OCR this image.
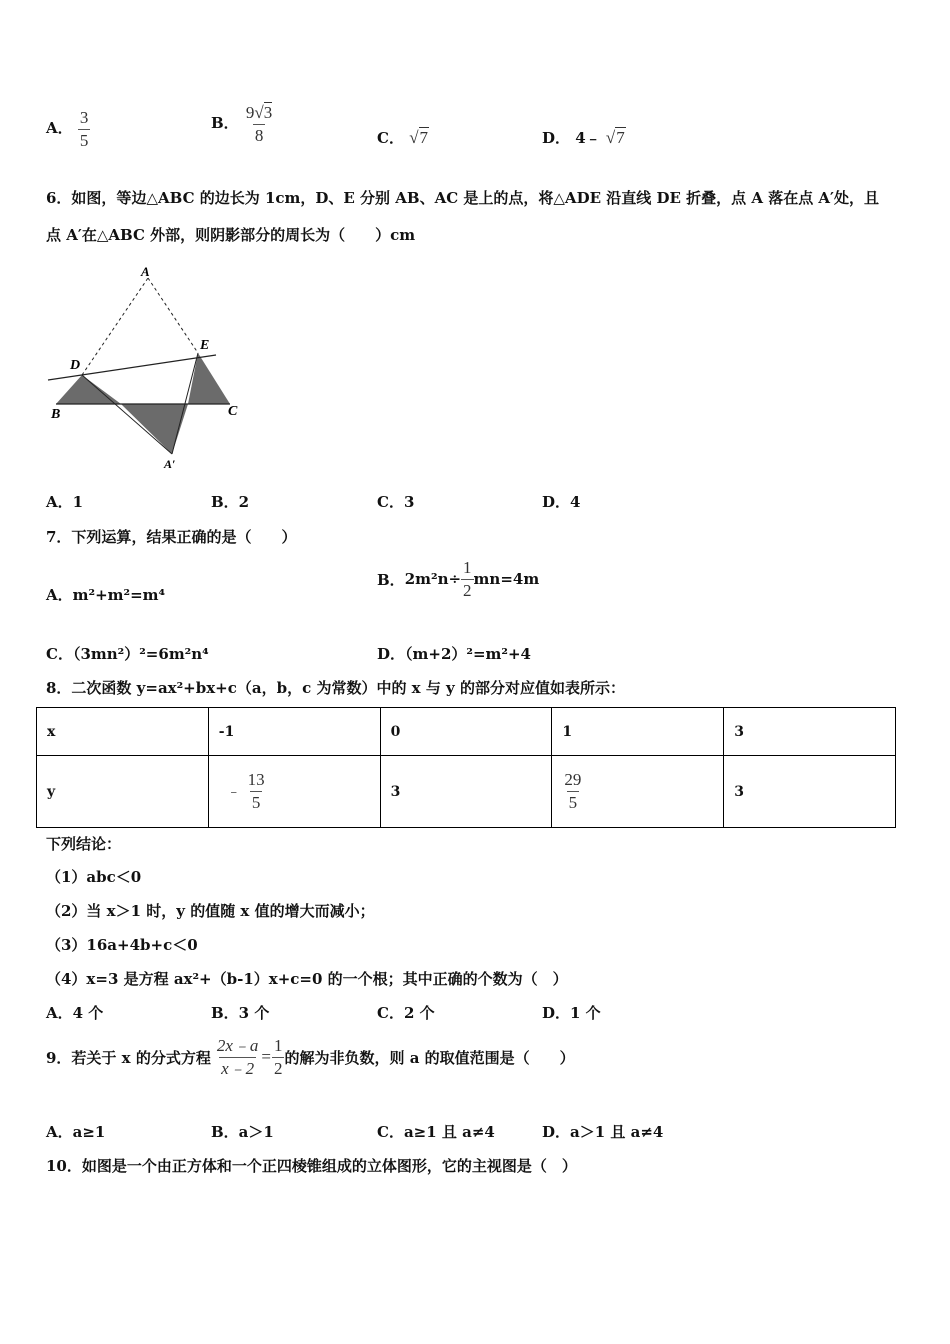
A． $\frac{3}{5}$	B． $\frac{9√3}{8}$	C． √7	D． 4﹣ √7
6．如图，等边△ABC 的边长为 1cm，D、E 分别 AB、AC 是上的点，将△ADE 沿直线 DE 折叠，点 A 落在点 A′处，且
点 A′在△ABC 外部，则阴影部分的周长为（　　）cm
A
D
E
B	C
A′
A．1	B．2	C．3	D．4
7．下列运算，结果正确的是（　　）
A．m²+m²=m⁴
B． $2m^2n\div \frac{1}{2} mn=4m$
C．（3mn²）²=6m²n⁴	D．（m+2）²=m²+4
8．二次函数 y=ax²+bx+c（a，b，c 为常数）中的 x 与 y 的部分对应值如表所示：
x	-1	0	1	3
y	﹣ $\frac{13}{5}$	3	$\frac{29}{5}$	3
下列结论：
（1）abc＜0
（2）当 x＞1 时，y 的值随 x 值的增大而减小；
（3）16a+4b+c＜0
（4）x=3 是方程 ax²+（b-1）x+c=0 的一个根；其中正确的个数为（　）
A．4 个	B．3 个	C．2 个	D．1 个
9．若关于 x 的分式方程 $\frac{2x﹣a}{x﹣2} = \frac{1}{2}$ 的解为非负数，则 a 的取值范围是（　　）
A．a≥1	B．a＞1	C．a≥1 且 a≠4	D．a＞1 且 a≠4
10．如图是一个由正方体和一个正四棱锥组成的立体图形，它的主视图是（　）
